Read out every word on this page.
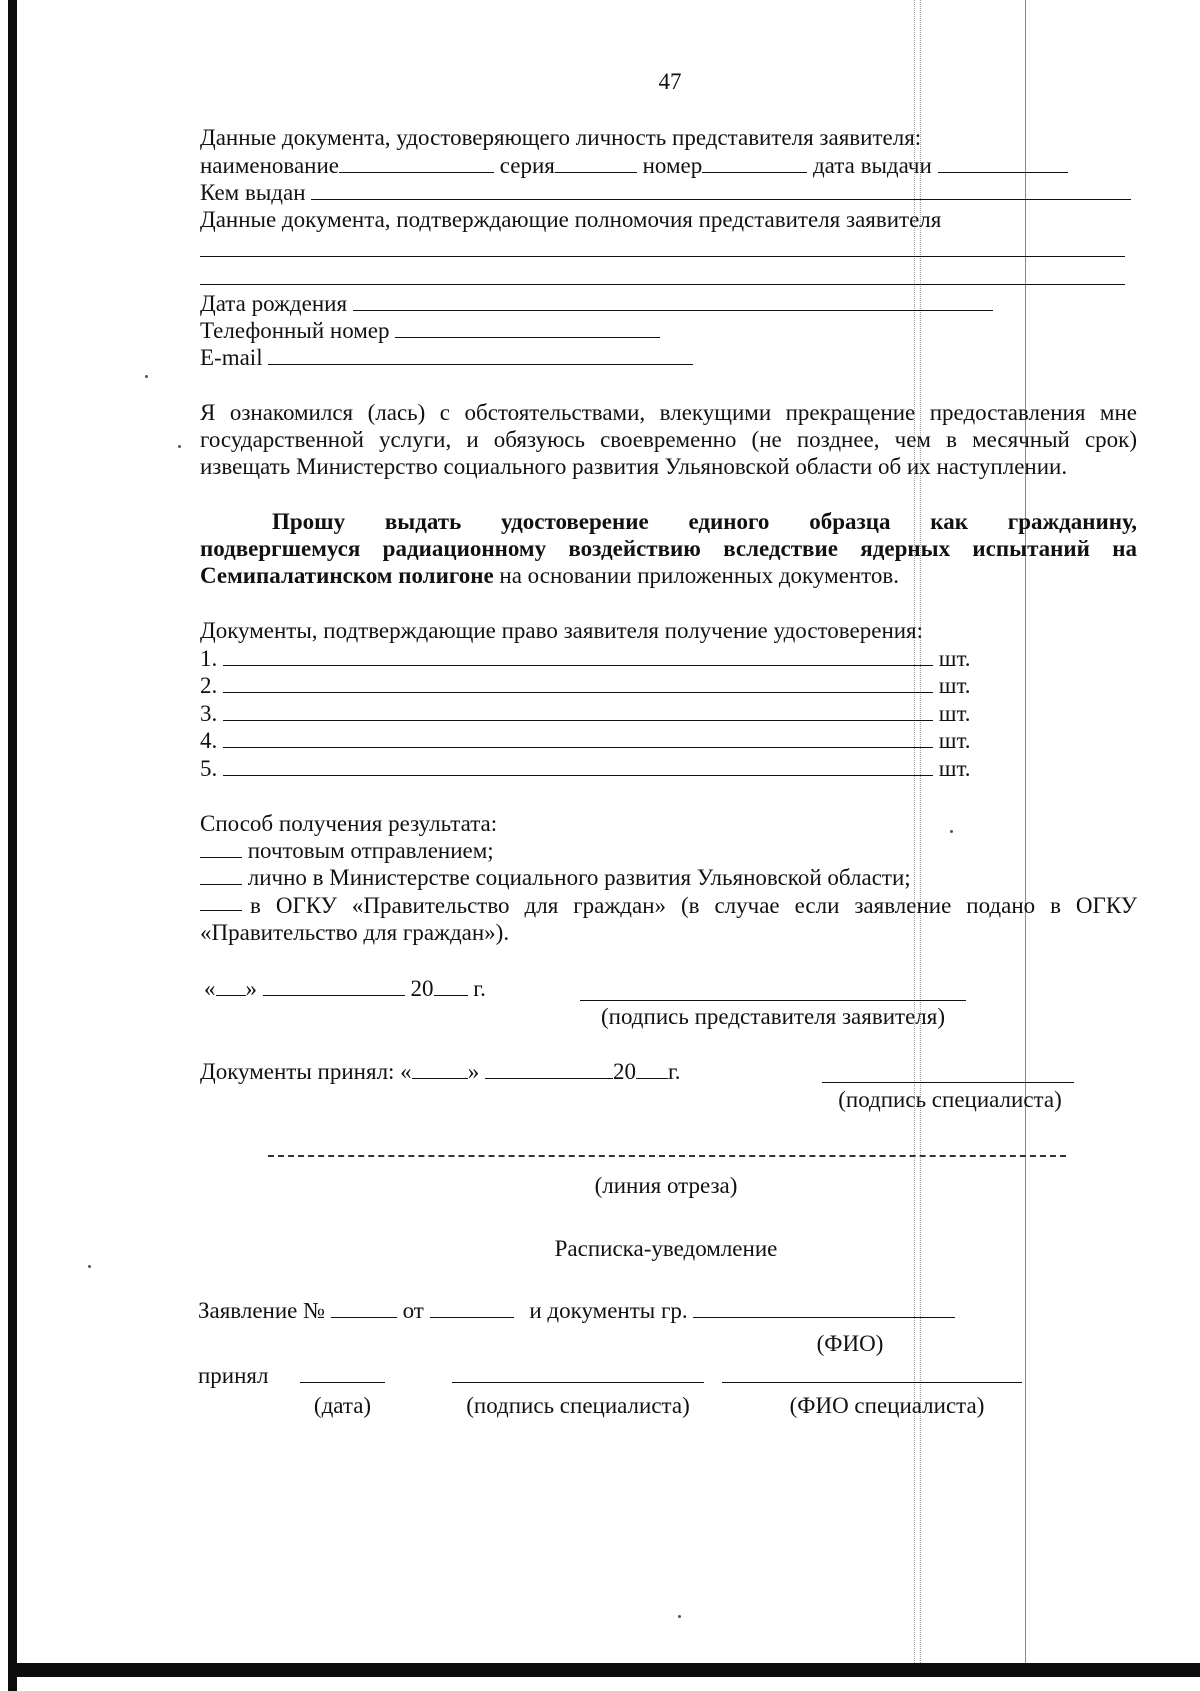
47
Данные документа, удостоверяющего личность представителя заявителя:
наименование	серия	номер	дата выдачи
Кем выдан
Данные документа, подтверждающие полномочия представителя заявителя
Дата рождения
Телефонный номер
E-mail
Я ознакомился (лась) с обстоятельствами, влекущими прекращение предоставления мне
государственной услуги, и обязуюсь своевременно (не позднее, чем в месячный срок)
извещать Министерство социального развития Ульяновской области об их наступлении.
Прошу выдать удостоверение единого образца как гражданину,
подвергшемуся радиационному воздействию вследствие ядерных испытаний на
Семипалатинском полигоне на основании приложенных документов.
Документы, подтверждающие право заявителя получение удостоверения:
1.	шт.
2.	шт.
3.	шт.
4.	шт.
5.	шт.
Способ получения результата:
почтовым отправлением;
лично в Министерстве социального развития Ульяновской области;
в ОГКУ «Правительство для граждан» (в случае если заявление подано в ОГКУ
«Правительство для граждан»).
« »	20 г.
(подпись представителя заявителя)
Документы принял: « »	20 г.
(подпись специалиста)
(линия отреза)
Расписка-уведомление
Заявление №	от	и документы гр.
(ФИО)
принял
(дата)	(подпись специалиста)	(ФИО специалиста)
